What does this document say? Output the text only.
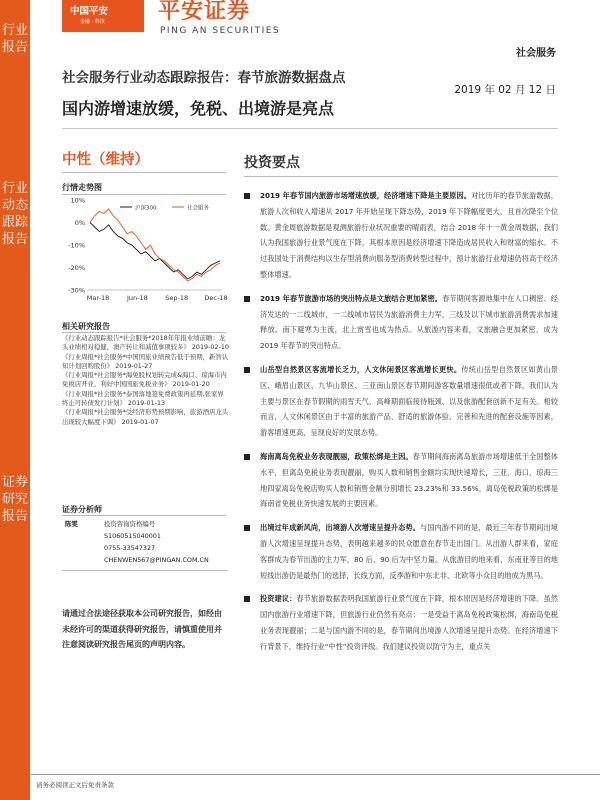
行业报告
行业动态跟踪报告
证券研究报告
中国平安
金融 · 科技 平安证券
PING AN SECURITIES
社会服务
社会服务行业动态跟踪报告：春节旅游数据盘点
2019 年 02 月 12 日
国内游增速放缓，免税、出境游是亮点
中性（维持）
行情走势图
10%
0%
-10%
-20%
-30%
Mar-18	Jun-18	Sep-18	Dec-18
沪深300	社会服务
相关研究报告
《行业动态跟踪报告*社会服务*2018年年报业绩前瞻：龙头业绩相对稳健，澳产转让和减值事项较多》 2019-02-10
《行业周报*社会服务*中国国旅业绩预告低于预期，新智认知计划回购股份》 2019-01-27
《行业周报*社会服务*海免股权划转完成&海口、琼海市内免税店开业，利好中国国旅免税业务》 2019-01-20
《行业周报*社会服务*泰国落地签免费政策再延期,张家界终止可转债发行计划》 2019-01-13
《行业周报*社会服务*受经济形势预期影响，旅游酒店龙头出现较大幅度下调》 2019-01-07
证券分析师
陈雯	投资咨询资格编号
S1060515040001
0755-33547327
CHENWEN567@PINGAN.COM.CN
请通过合法途径获取本公司研究报告，如经由未经许可的渠道获得研究报告，请慎重使用并注意阅读研究报告尾页的声明内容。
投资要点
2019 年春节国内旅游市场增速放缓，经济增速下降是主要原因。对比历年的春节旅游数据，旅游人次和收入增速从 2017 年开始呈现下降态势，2019 年下降幅度更大，且首次降至个位数。黄金周旅游数据是观测旅游行业状况重要的晴雨表，结合 2018 年十一黄金周数据，我们认为我国旅游行业景气度在下降，其根本原因是经济增速下降造成居民收入和财富的缩水。不过我国处于消费结构以生存型消费向服务型消费转型过程中，预计旅游行业增速仍将高于经济整体增速。
2019 年春节旅游市场的突出特点是文旅结合更加紧密。春节期间客源地集中在人口稠密、经济发达的一二线城市，一二线城市居民为旅游消费主力军，三线及以下城市旅游消费需求加速释放。南下避寒为主流，北上赏雪也成为热点。从旅游内容来看，文旅融合更加紧密，成为 2019 年春节的突出特点。
山岳型自然景区客流增长乏力，人文休闲景区客流增长更快。传统山岳型自然景区如黄山景区、峨眉山景区、九华山景区、三亚南山景区春节期间游客数量增速很低或者下降，我们认为主要与景区在春节假期的雨雪天气、高峰期面临接待瓶颈、以及旅游配套创新不足有关。相较而言，人文休闲景区由于丰富的旅游产品、舒适的旅游体验、完善和先进的配套设施等因素，游客增速更高，呈现良好的发展态势。
海南离岛免税业务表现靓丽，政策松绑是主因。春节期间海南离岛旅游市场增速低于全国整体水平，但离岛免税业务表现靓丽，购买人数和销售金额均实现快速增长，三亚、海口、琼海三地四家离岛免税店购买人数和销售金额分别增长 23.23%和 33.56%。离岛免税政策的松绑是海南省免税业务快速发展的主要因素。
出境过年成新风尚，出境游人次增速呈提升态势。与国内游不同的是，最近三年春节期间出境游人次增速呈现提升态势，表明越来越多的民众愿意在春节走出国门。从出游人群来看，家庭客群成为春节出游的主力军，80 后、90 后为中坚力量。从旅游目的地来看，东南亚等目的地短线出游仍是最热门的选择，长线方面，反季游和中东北非、北欧等小众目的地成为黑马。
投资建议：春节旅游数据表明我国旅游行业景气度在下降，根本原因是经济增速的下降。虽然国内旅游行业增速下降，但旅游行业仍然有亮点：一是受益于离岛免税政策松绑，海南岛免税业务表现靓丽；二是与国内游不同的是，春节期间出境游人次增速呈提升态势。在经济增速下行背景下，维持行业“中性”投资评级。我们建议投资以防守为主，重点关
请务必阅读正文后免责条款
